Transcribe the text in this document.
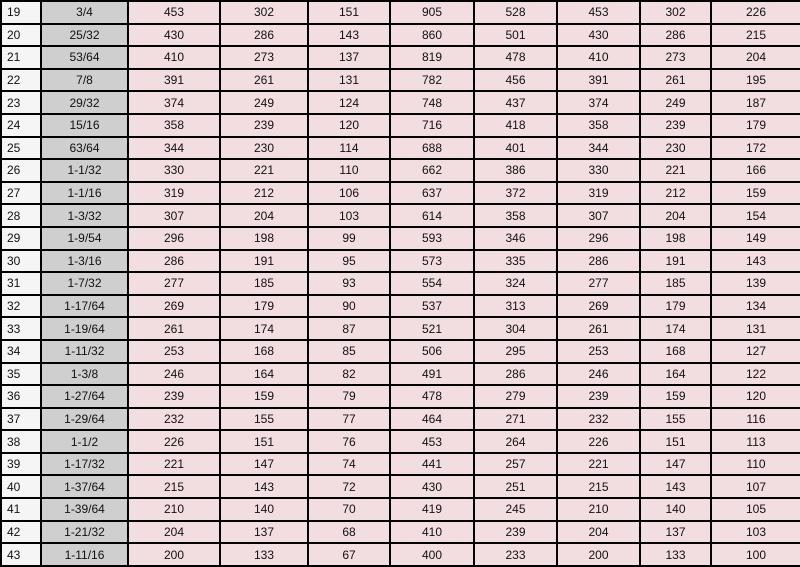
19	3/4	453	302	151	905	528	453	302	226
20	25/32	430	286	143	860	501	430	286	215
21	53/64	410	273	137	819	478	410	273	204
22	7/8	391	261	131	782	456	391	261	195
23	29/32	374	249	124	748	437	374	249	187
24	15/16	358	239	120	716	418	358	239	179
25	63/64	344	230	114	688	401	344	230	172
26	1-1/32	330	221	110	662	386	330	221	166
27	1-1/16	319	212	106	637	372	319	212	159
28	1-3/32	307	204	103	614	358	307	204	154
29	1-9/54	296	198	99	593	346	296	198	149
30	1-3/16	286	191	95	573	335	286	191	143
31	1-7/32	277	185	93	554	324	277	185	139
32	1-17/64	269	179	90	537	313	269	179	134
33	1-19/64	261	174	87	521	304	261	174	131
34	1-11/32	253	168	85	506	295	253	168	127
35	1-3/8	246	164	82	491	286	246	164	122
36	1-27/64	239	159	79	478	279	239	159	120
37	1-29/64	232	155	77	464	271	232	155	116
38	1-1/2	226	151	76	453	264	226	151	113
39	1-17/32	221	147	74	441	257	221	147	110
40	1-37/64	215	143	72	430	251	215	143	107
41	1-39/64	210	140	70	419	245	210	140	105
42	1-21/32	204	137	68	410	239	204	137	103
43	1-11/16	200	133	67	400	233	200	133	100
